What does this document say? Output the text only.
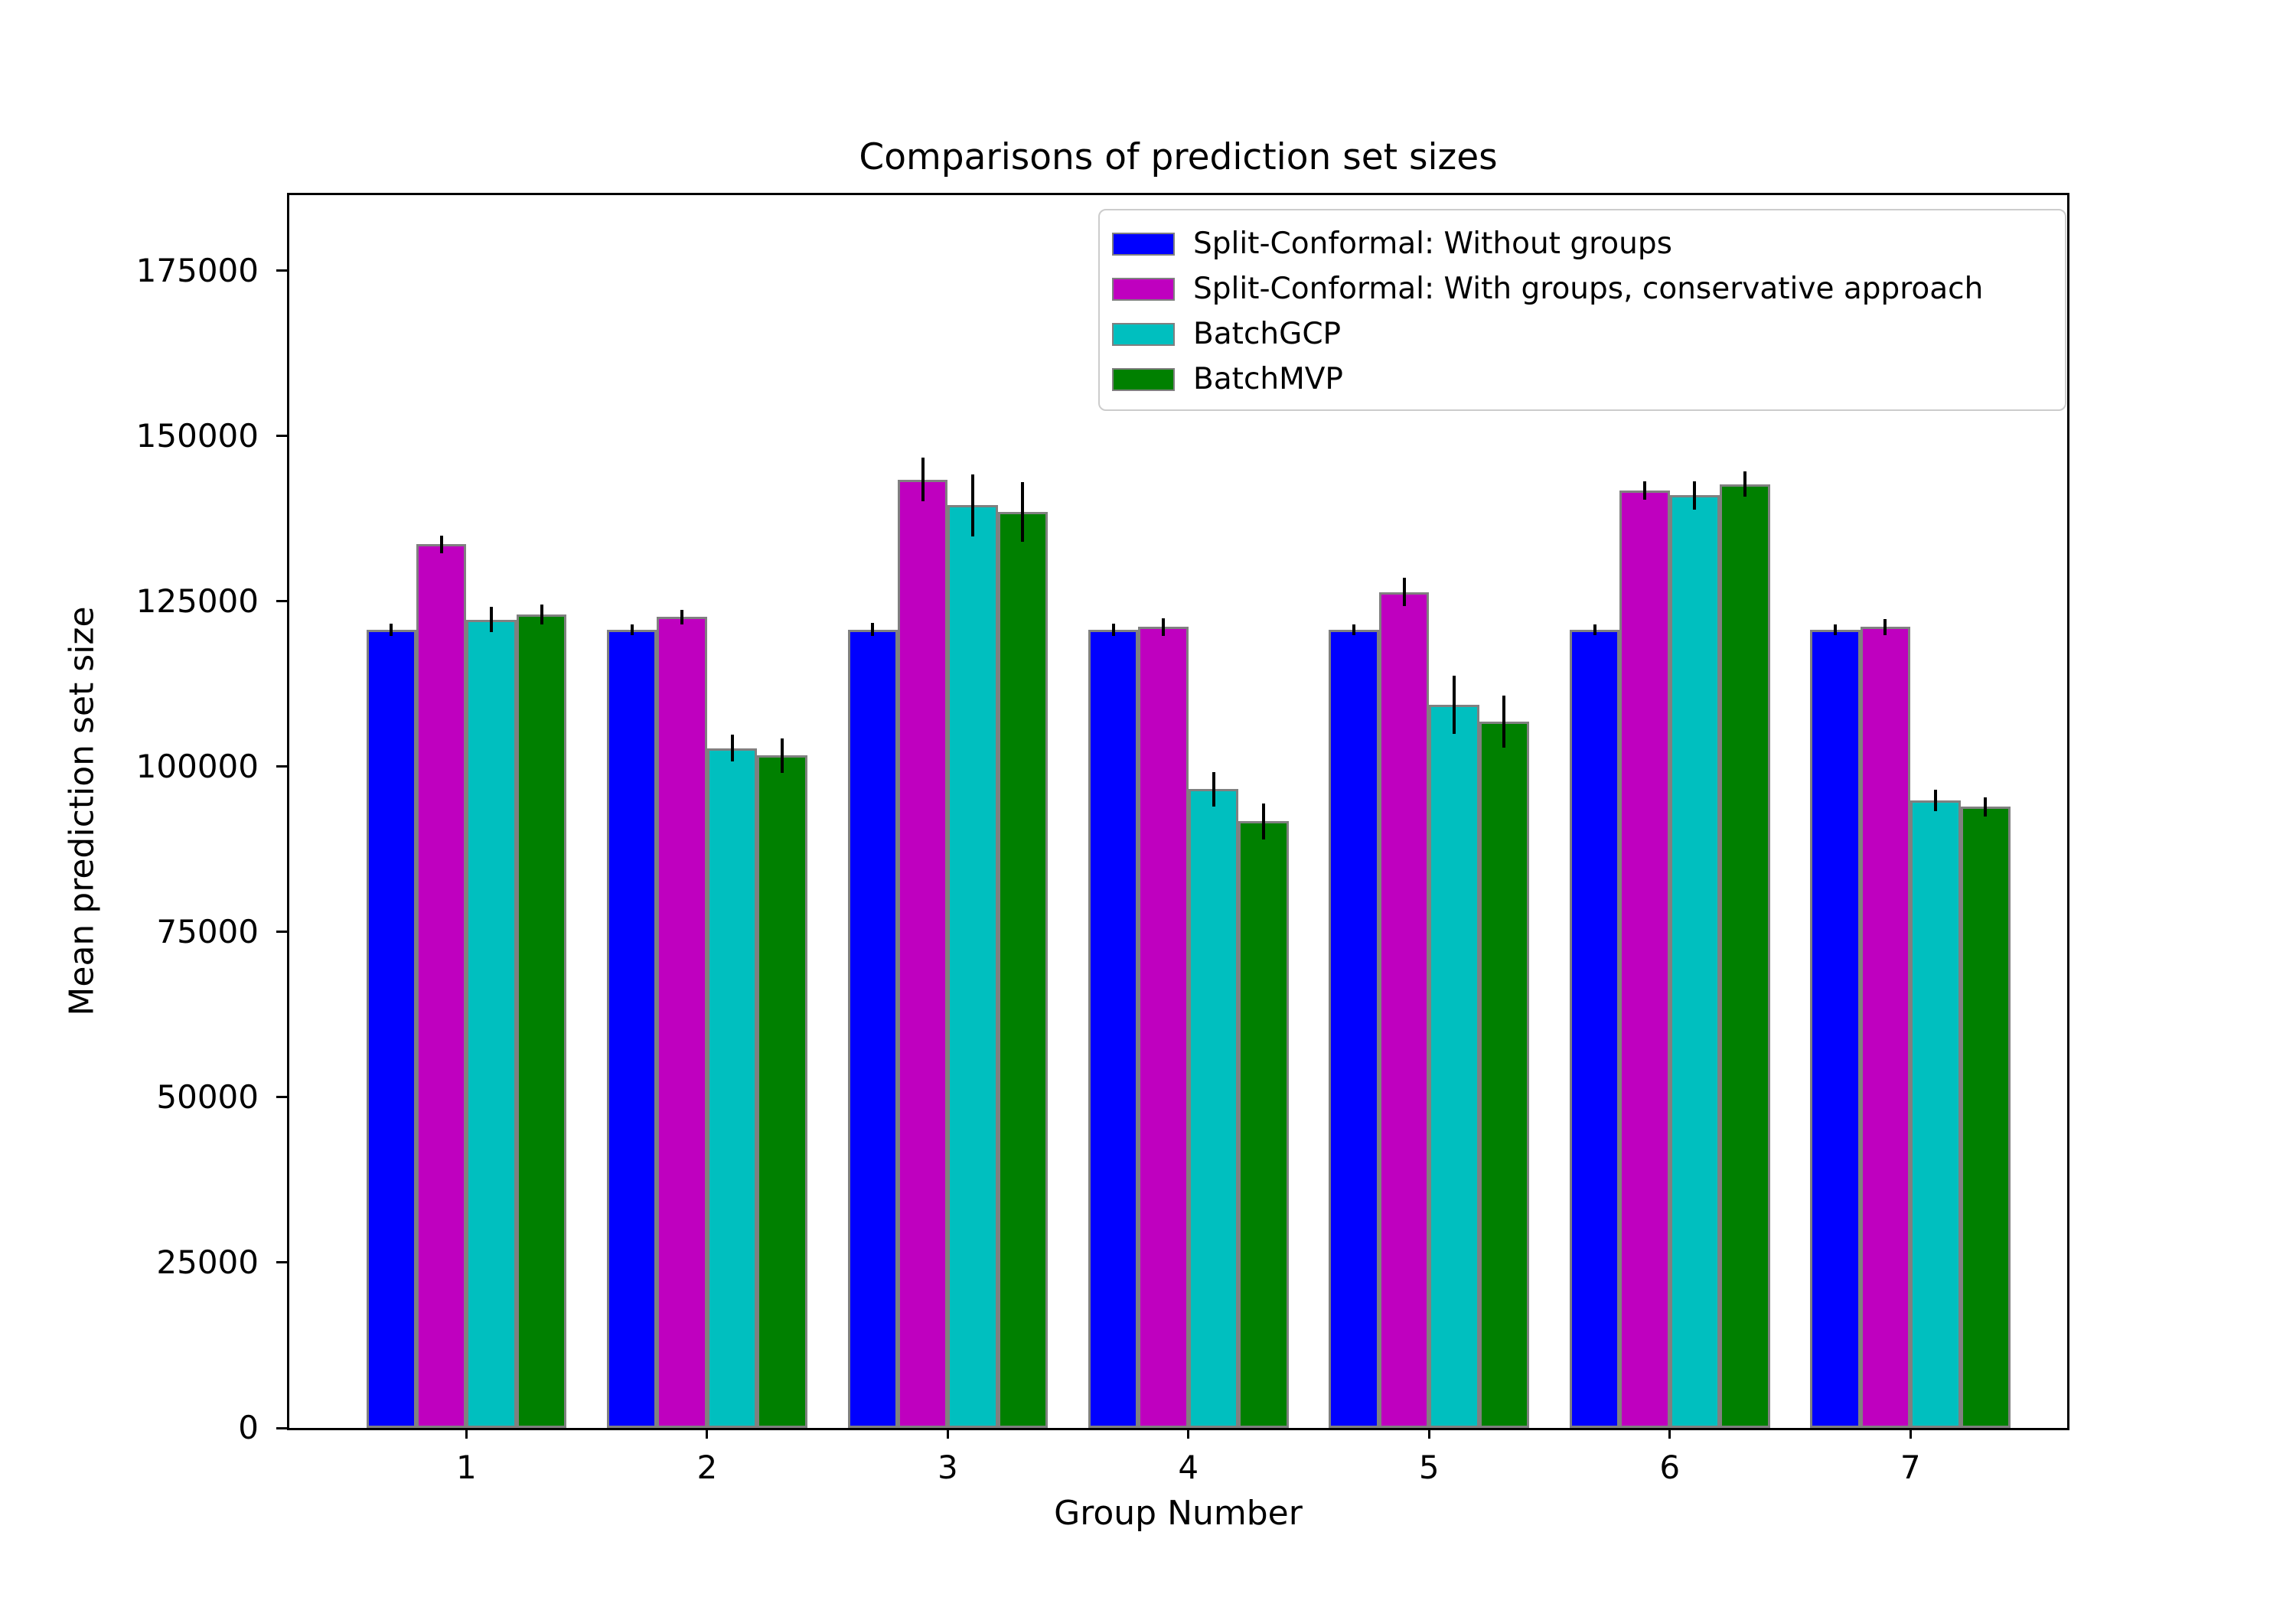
Comparisons of prediction set sizes
Mean prediction set size
0
25000
50000
75000
100000
125000
150000
175000
1	2	3	4	5	6	7
Group Number
Split-Conformal: Without groups
Split-Conformal: With groups, conservative approach
BatchGCP
BatchMVP
